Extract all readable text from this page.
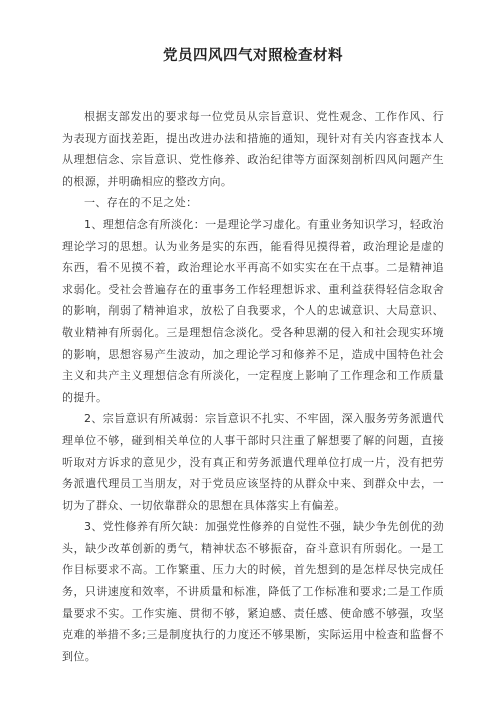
党员四风四气对照检查材料

根据支部发出的要求每一位党员从宗旨意识、党性观念、工作作风、行为表现方面找差距，提出改进办法和措施的通知，现针对有关内容查找本人从理想信念、宗旨意识、党性修养、政治纪律等方面深刻剖析四风问题产生的根源，并明确相应的整改方向。

一、存在的不足之处：

1、理想信念有所淡化：一是理论学习虚化。有重业务知识学习，轻政治理论学习的思想。认为业务是实的东西，能看得见摸得着，政治理论是虚的东西，看不见摸不着，政治理论水平再高不如实实在在干点事。二是精神追求弱化。受社会普遍存在的重事务工作轻理想诉求、重利益获得轻信念取舍的影响，削弱了精神追求，放松了自我要求，个人的忠诚意识、大局意识、敬业精神有所弱化。三是理想信念淡化。受各种思潮的侵入和社会现实环境的影响，思想容易产生波动，加之理论学习和修养不足，造成中国特色社会主义和共产主义理想信念有所淡化，一定程度上影响了工作理念和工作质量的提升。

2、宗旨意识有所减弱：宗旨意识不扎实、不牢固，深入服务劳务派遣代理单位不够，碰到相关单位的人事干部时只注重了解想要了解的问题，直接听取对方诉求的意见少，没有真正和劳务派遣代理单位打成一片，没有把劳务派遣代理员工当朋友，对于党员应该坚持的从群众中来、到群众中去，一切为了群众、一切依靠群众的思想在具体落实上有偏差。

3、党性修养有所欠缺：加强党性修养的自觉性不强，缺少争先创优的劲头，缺少改革创新的勇气，精神状态不够振奋，奋斗意识有所弱化。一是工作目标要求不高。工作繁重、压力大的时候，首先想到的是怎样尽快完成任务，只讲速度和效率，不讲质量和标准，降低了工作标准和要求;二是工作质量要求不实。工作实施、贯彻不够，紧迫感、责任感、使命感不够强，攻坚克难的举措不多;三是制度执行的力度还不够果断，实际运用中检查和监督不到位。
